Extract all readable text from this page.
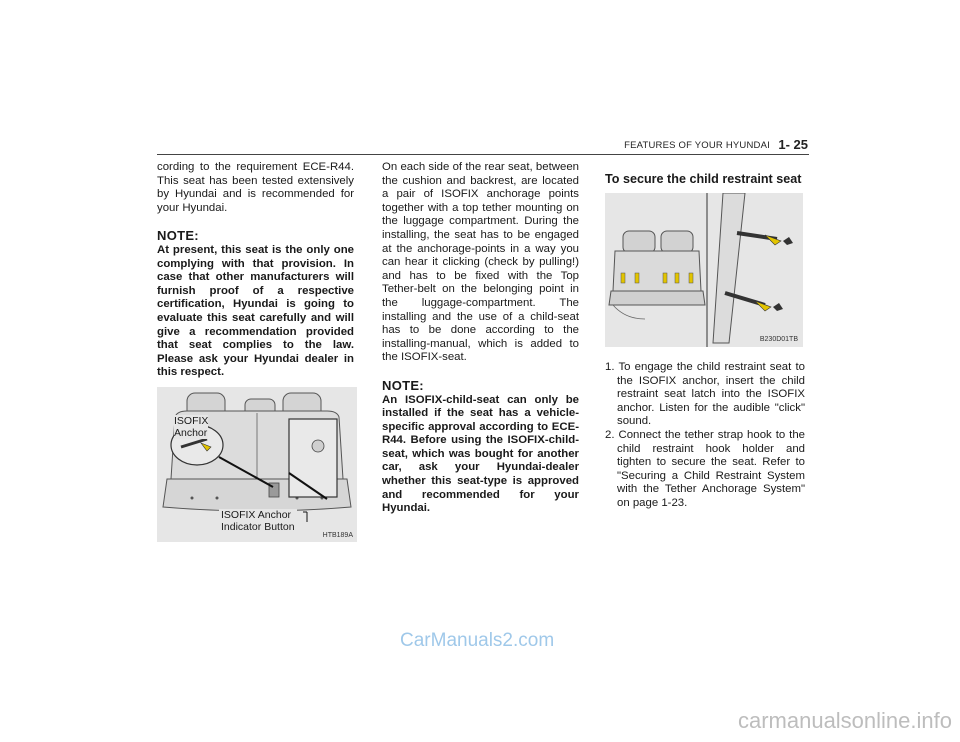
FEATURES OF YOUR HYUNDAI 1- 25

cording to the requirement ECE-R44. This seat has been tested extensively by Hyundai and is recommended for your Hyundai.

NOTE:

At present, this seat is the only one complying with that provision. In case that other manufacturers will furnish proof of a respective certification, Hyundai is going to evaluate this seat carefully and will give a recommendation provided that seat complies to the law. Please ask your Hyundai dealer in this respect.

ISOFIX
Anchor
ISOFIX Anchor
Indicator Button
HTB189A

On each side of the rear seat, between the cushion and backrest, are located a pair of ISOFIX anchorage points together with a top tether mounting on the luggage compartment. During the installing, the seat has to be engaged at the anchorage-points in a way you can hear it clicking (check by pulling!) and has to be fixed with the Top Tether-belt on the belonging point in the luggage-compartment. The installing and the use of a child-seat has to be done according to the installing-manual, which is added to the ISOFIX-seat.

NOTE:

An ISOFIX-child-seat can only be installed if the seat has a vehicle-specific approval according to ECE-R44. Before using the ISOFIX-child-seat, which was bought for another car, ask your Hyundai-dealer whether this seat-type is approved and recommended for your Hyundai.

To secure the child restraint seat
B230D01TB
1. To engage the child restraint seat to the ISOFIX anchor, insert the child restraint seat latch into the ISOFIX anchor. Listen for the audible "click" sound.
2. Connect the tether strap hook to the child restraint hook holder and tighten to secure the seat. Refer to "Securing a Child Restraint System with the Tether Anchorage System" on page 1-23.
CarManuals2.com
carmanualsonline.info
